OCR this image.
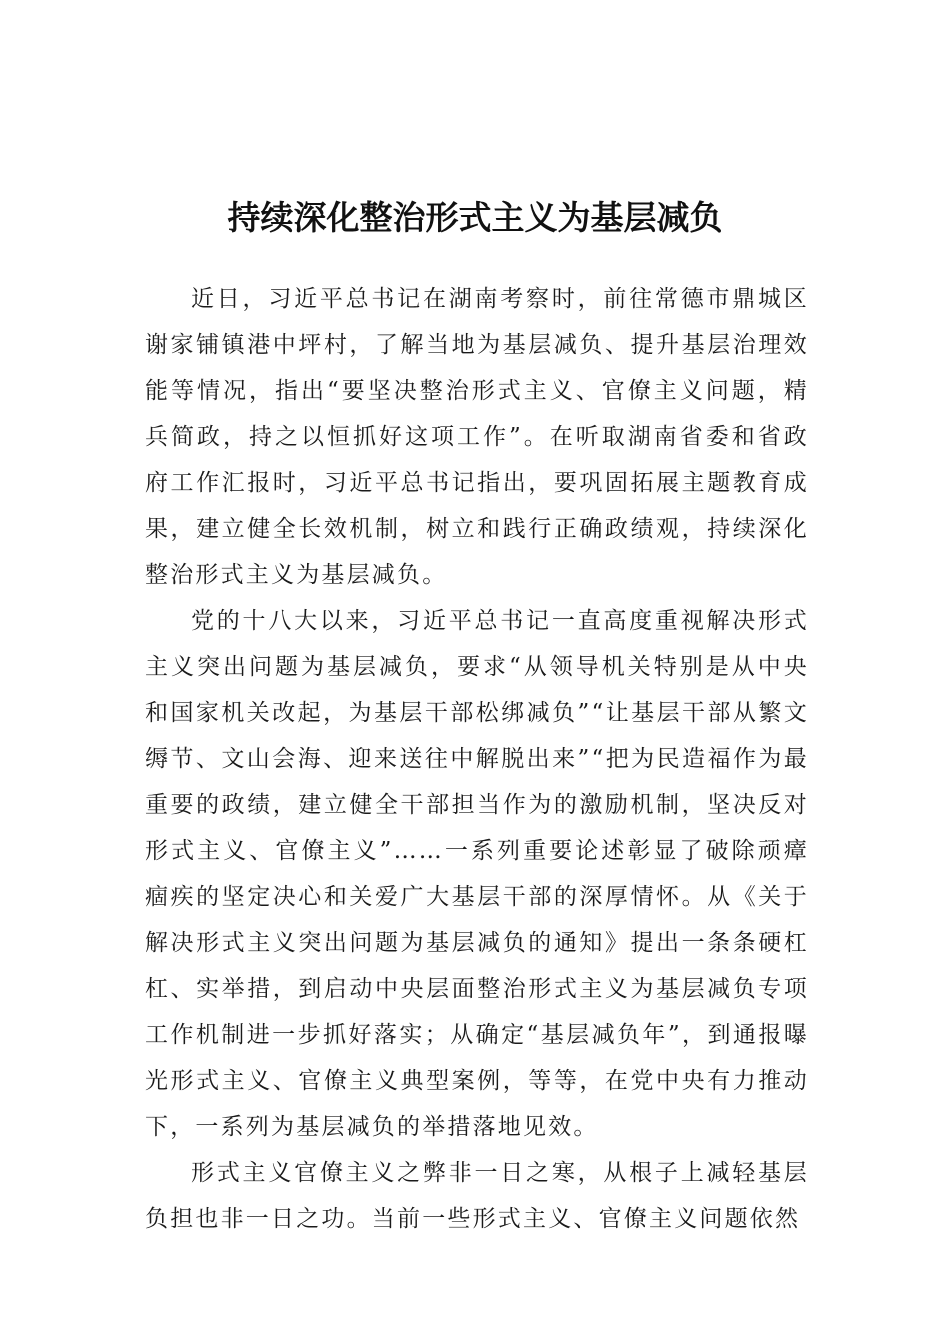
持续深化整治形式主义为基层减负

近日，习近平总书记在湖南考察时，前往常德市鼎城区谢家铺镇港中坪村，了解当地为基层减负、提升基层治理效能等情况，指出“要坚决整治形式主义、官僚主义问题，精兵简政，持之以恒抓好这项工作”。在听取湖南省委和省政府工作汇报时，习近平总书记指出，要巩固拓展主题教育成果，建立健全长效机制，树立和践行正确政绩观，持续深化整治形式主义为基层减负。

党的十八大以来，习近平总书记一直高度重视解决形式主义突出问题为基层减负，要求“从领导机关特别是从中央和国家机关改起，为基层干部松绑减负”“让基层干部从繁文缛节、文山会海、迎来送往中解脱出来”“把为民造福作为最重要的政绩，建立健全干部担当作为的激励机制，坚决反对形式主义、官僚主义”……一系列重要论述彰显了破除顽瘴痼疾的坚定决心和关爱广大基层干部的深厚情怀。从《关于解决形式主义突出问题为基层减负的通知》提出一条条硬杠杠、实举措，到启动中央层面整治形式主义为基层减负专项工作机制进一步抓好落实；从确定“基层减负年”，到通报曝光形式主义、官僚主义典型案例，等等，在党中央有力推动下，一系列为基层减负的举措落地见效。

形式主义官僚主义之弊非一日之寒，从根子上减轻基层负担也非一日之功。当前一些形式主义、官僚主义问题依然
